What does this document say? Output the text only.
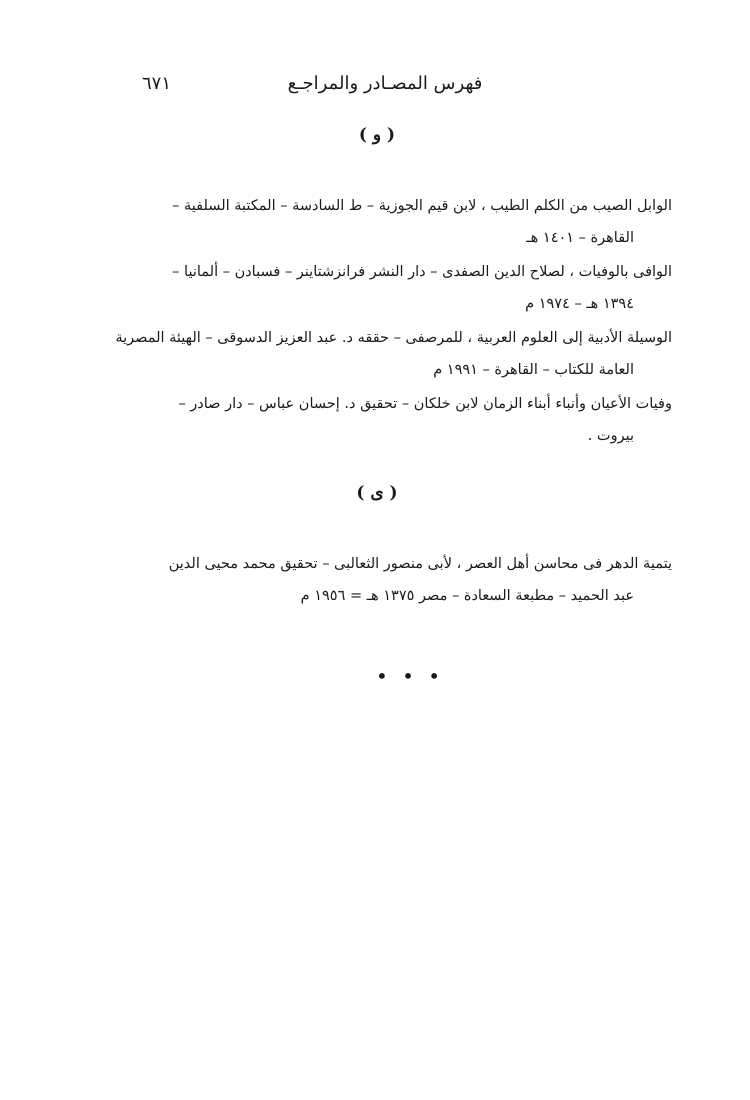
فهرس المصـادر والمراجـع
٦٧١
( و )
الوابل الصيب من الكلم الطيب ، لابن قيم الجوزية – ط السادسة – المكتبة السلفية –
القاهرة – ١٤٠١ هـ
الوافى بالوفيات ، لصلاح الدين الصفدى – دار النشر فرانزشتاينر – فسبادن – ألمانيا –
١٣٩٤ هـ – ١٩٧٤ م
الوسيلة الأدبية إلى العلوم العربية ، للمرصفى – حققه د. عبد العزيز الدسوقى – الهيئة المصرية
العامة للكتاب – القاهرة – ١٩٩١ م
وفيات الأعيان وأنباء أبناء الزمان لابن خلكان – تحقيق د. إحسان عباس – دار صادر –
بيروت .
( ى )
يتمية الدهر فى محاسن أهل العصر ، لأبى منصور الثعالبى – تحقيق محمد محيى الدين
عبد الحميد – مطبعة السعادة – مصر ١٣٧٥ هـ = ١٩٥٦ م
• • •
